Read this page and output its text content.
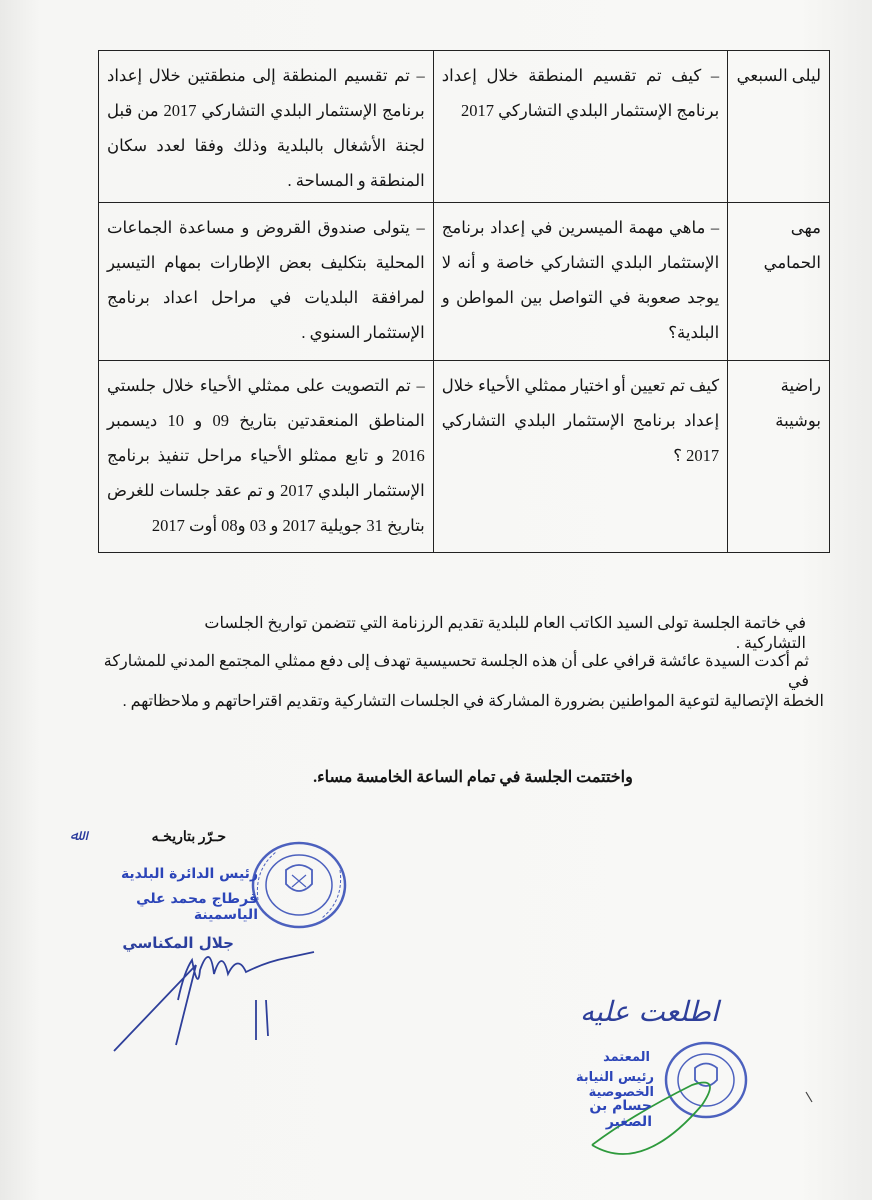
ليلى السبعي	– كيف تم تقسيم المنطقة خلال إعداد برنامج الإستثمار البلدي التشاركي 2017	– تم تقسيم المنطقة إلى منطقتين خلال إعداد برنامج الإستثمار البلدي التشاركي 2017 من قبل لجنة الأشغال بالبلدية وذلك وفقا لعدد سكان المنطقة و المساحة .
مهى الحمامي	– ماهي مهمة الميسرين في إعداد برنامج الإستثمار البلدي التشاركي خاصة و أنه لا يوجد صعوبة في التواصل بين المواطن و البلدية؟	– يتولى صندوق القروض و مساعدة الجماعات المحلية بتكليف بعض الإطارات بمهام التيسير لمرافقة البلديات في مراحل اعداد برنامج الإستثمار السنوي .
راضية بوشيبة	كيف تم تعيين أو اختيار ممثلي الأحياء خلال إعداد برنامج الإستثمار البلدي التشاركي 2017 ؟	– تم التصويت على ممثلي الأحياء خلال جلستي المناطق المنعقدتين بتاريخ 09 و 10 ديسمبر 2016 و تابع ممثلو الأحياء مراحل تنفيذ برنامج الإستثمار البلدي 2017 و تم عقد جلسات للغرض بتاريخ 31 جويلية 2017 و 03 و08 أوت 2017
في خاتمة الجلسة تولى السيد الكاتب العام للبلدية تقديم الرزنامة التي تتضمن تواريخ الجلسات التشاركية .
ثم أكدت السيدة عائشة قرافي على أن هذه الجلسة تحسيسية تهدف إلى دفع ممثلي المجتمع المدني للمشاركة في
الخطة الإتصالية لتوعية المواطنين بضرورة المشاركة في الجلسات التشاركية وتقديم اقتراحاتهم و ملاحظاتهم .
واختتمت الجلسة في تمام الساعة الخامسة مساء.
حـرّر بتاريخـه
ﷲ
رئيس الدائرة البلدية
قرطاج محمد علي الياسمينة
جلال المكناسي
اطلعت عليه
المعتمد
رئيس النيابة الخصوصية
حسام بن الصغير
